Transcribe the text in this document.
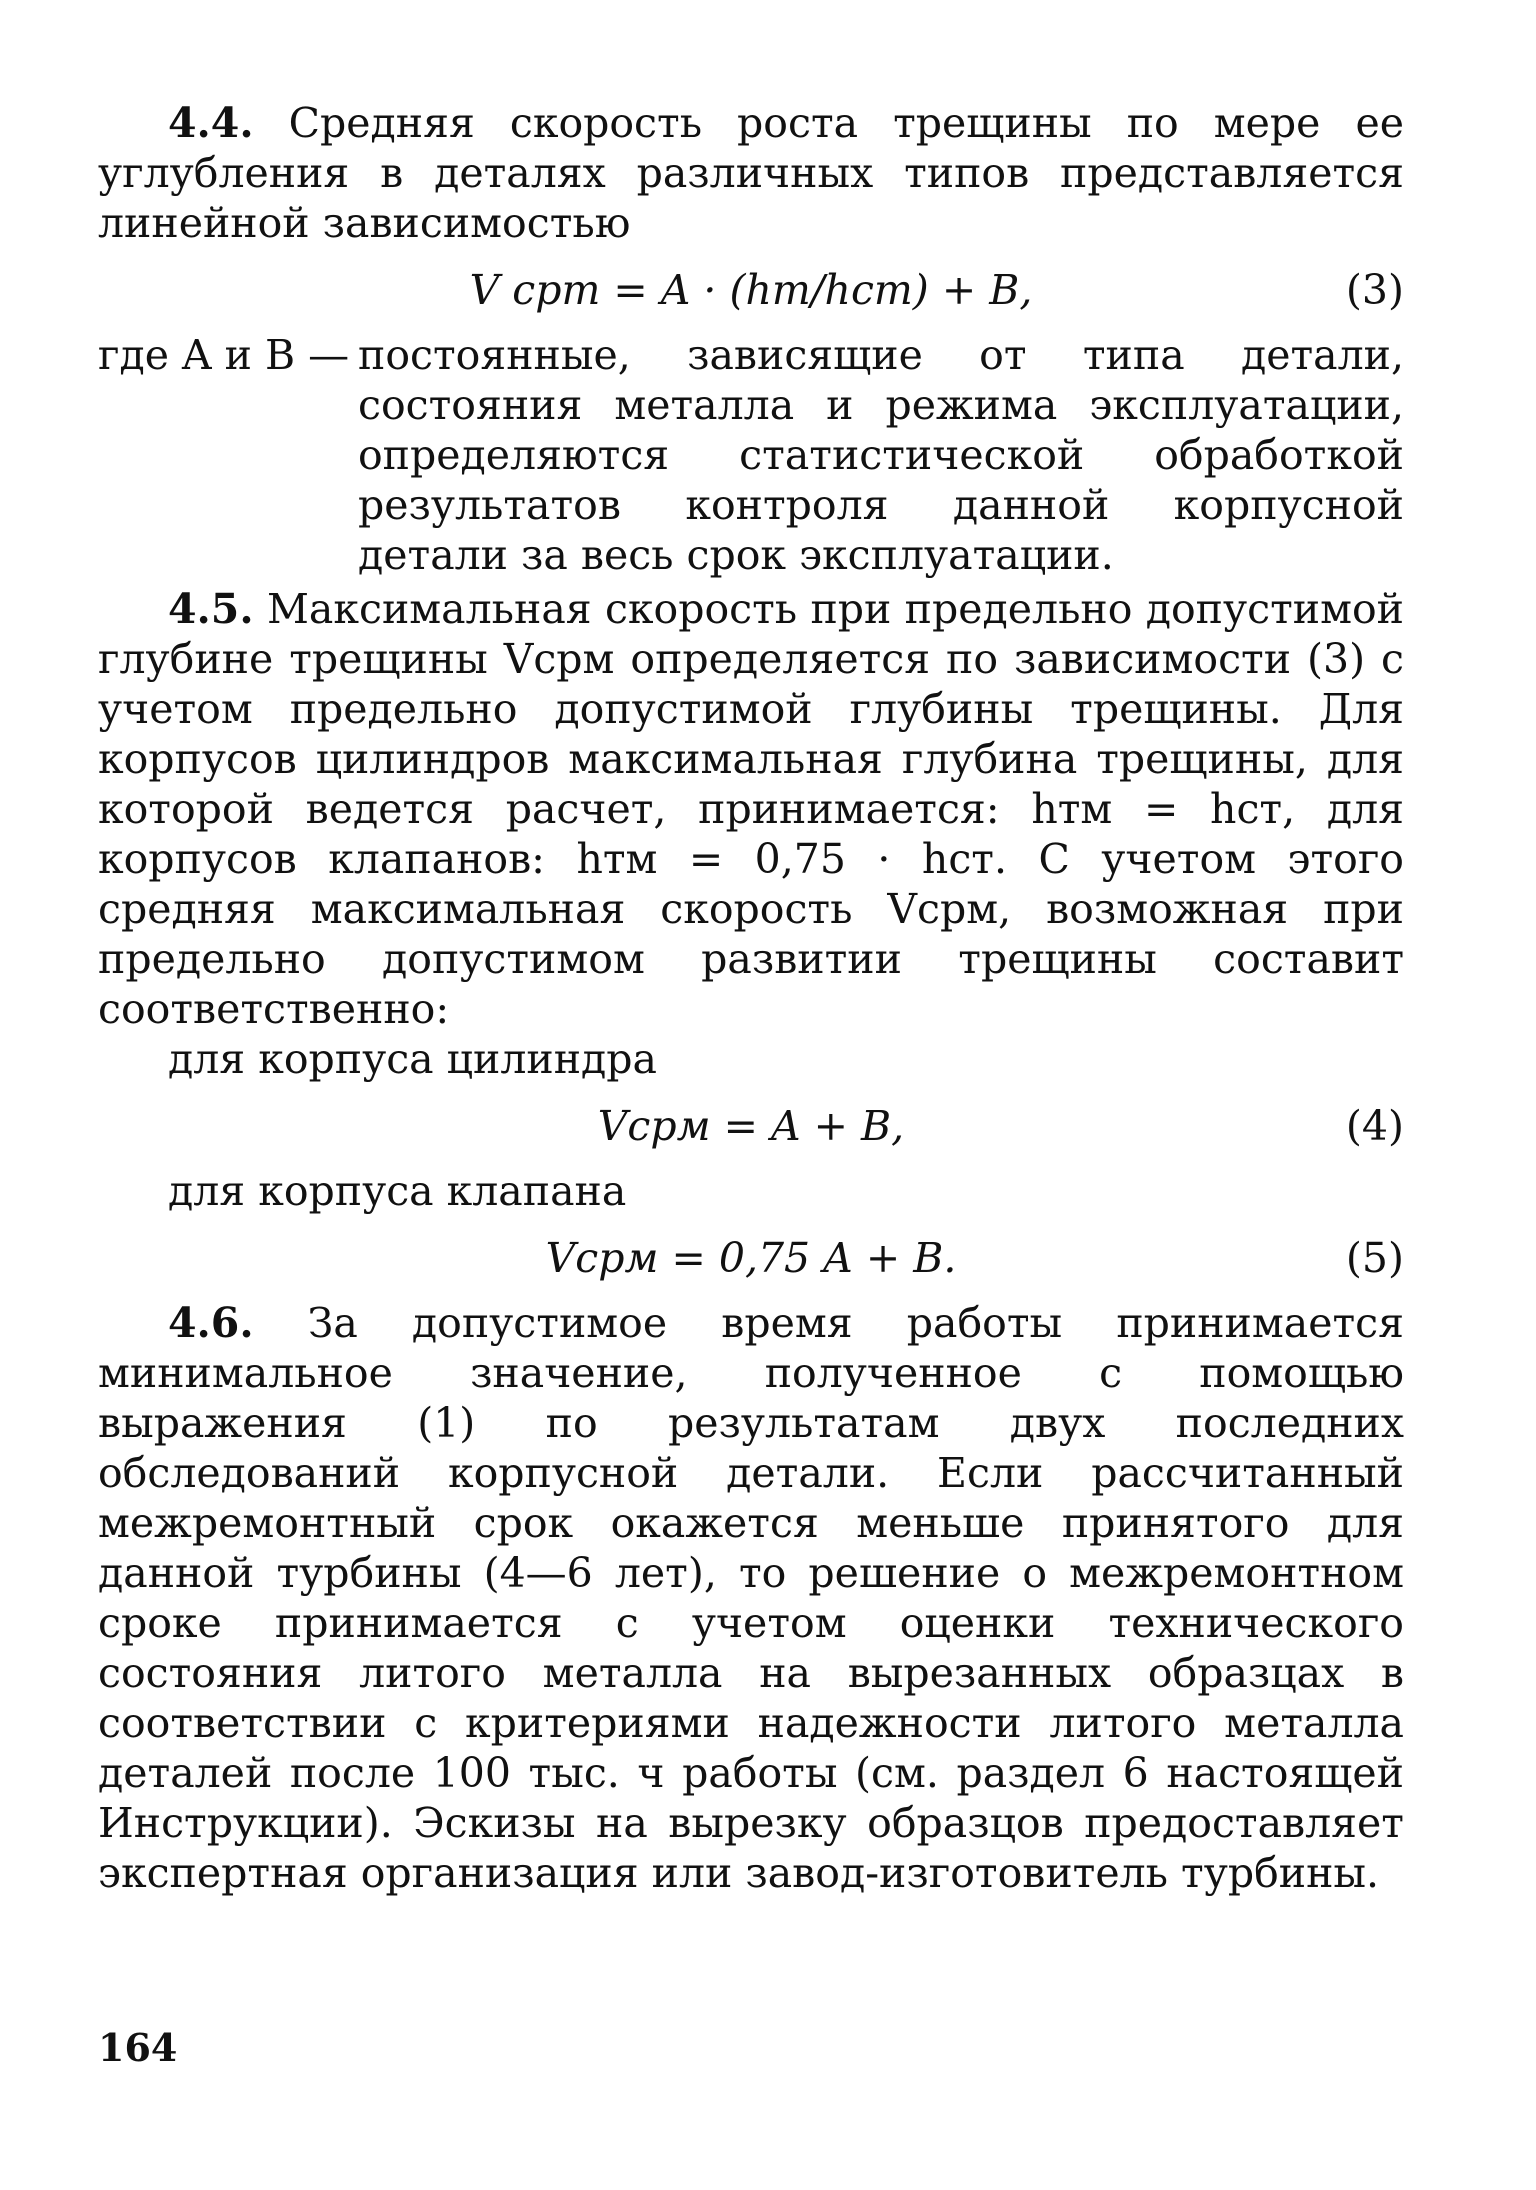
4.4. Средняя скорость роста трещины по мере ее углубления в деталях различных типов представляется линейной зависимостью

V срт = A · (hт/hст) + B,	(3)
где A и B — постоянные, зависящие от типа детали, состояния металла и режима эксплуатации, определяются статистической обработкой результатов контроля данной корпусной детали за весь срок эксплуатации.

4.5. Максимальная скорость при предельно допустимой глубине трещины Vсрм определяется по зависимости (3) с учетом предельно допустимой глубины трещины. Для корпусов цилиндров максимальная глубина трещины, для которой ведется расчет, принимается: hтм = hст, для корпусов клапанов: hтм = 0,75 · hст. С учетом этого средняя максимальная скорость Vсрм, возможная при предельно допустимом развитии трещины составит соответственно:

для корпуса цилиндра
Vсрм = A + B,	(4)
для корпуса клапана
Vсрм = 0,75 A + B.	(5)

4.6. За допустимое время работы принимается минимальное значение, полученное с помощью выражения (1) по результатам двух последних обследований корпусной детали. Если рассчитанный межремонтный срок окажется меньше принятого для данной турбины (4—6 лет), то решение о межремонтном сроке принимается с учетом оценки технического состояния литого металла на вырезанных образцах в соответствии с критериями надежности литого металла деталей после 100 тыс. ч работы (см. раздел 6 настоящей Инструкции). Эскизы на вырезку образцов предоставляет экспертная организация или завод-изготовитель турбины.

164
